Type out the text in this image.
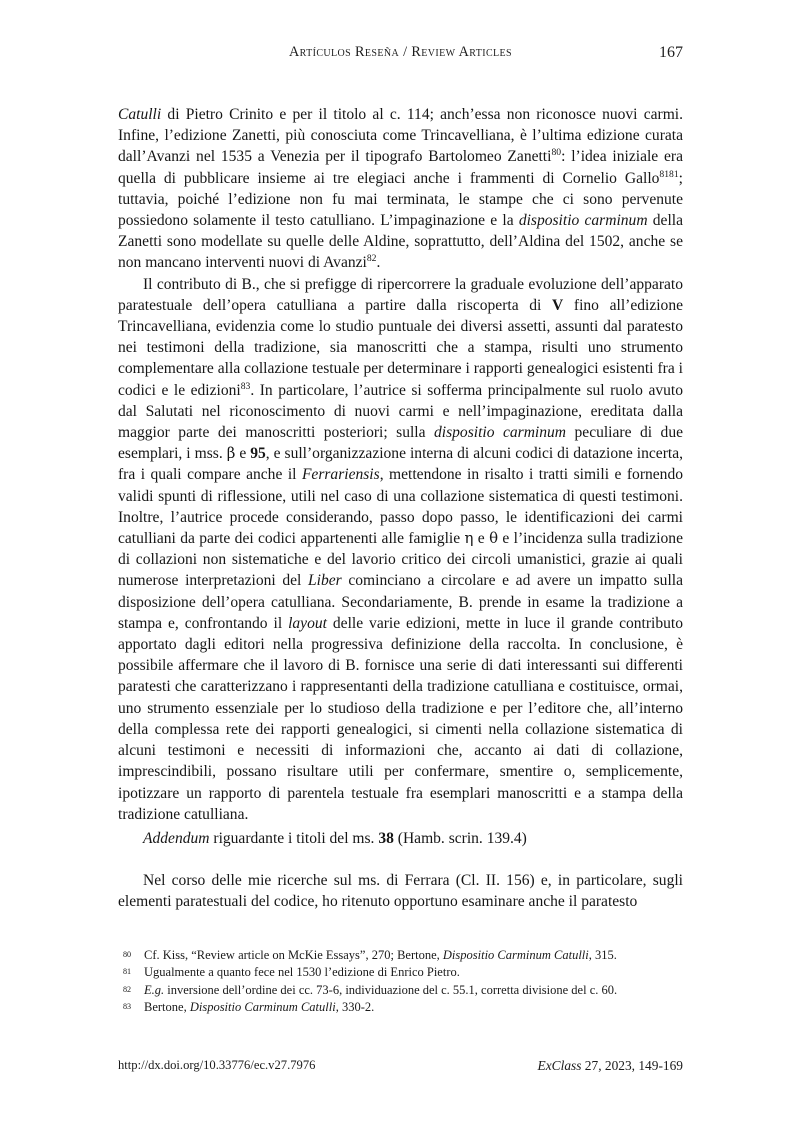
Artículos Reseña / Review Articles	167

Catulli di Pietro Crinito e per il titolo al c. 114; anch’essa non riconosce nuovi carmi. Infine, l’edizione Zanetti, più conosciuta come Trincavelliana, è l’ultima edizione curata dall’Avanzi nel 1535 a Venezia per il tipografo Bartolomeo Zanetti$^{80}$: l’idea iniziale era quella di pubblicare insieme ai tre elegiaci anche i frammenti di Cornelio Gallo$^{8181}$; tuttavia, poiché l’edizione non fu mai terminata, le stampe che ci sono pervenute possiedono solamente il testo catulliano. L’impaginazione e la dispositio carminum della Zanetti sono modellate su quelle delle Aldine, soprattutto, dell’Aldina del 1502, anche se non mancano interventi nuovi di Avanzi$^{82}$.

Il contributo di B., che si prefigge di ripercorrere la graduale evoluzione dell’apparato paratestuale dell’opera catulliana a partire dalla riscoperta di V fino all’edizione Trincavelliana, evidenzia come lo studio puntuale dei diversi assetti, assunti dal paratesto nei testimoni della tradizione, sia manoscritti che a stampa, risulti uno strumento complementare alla collazione testuale per determinare i rapporti genealogici esistenti fra i codici e le edizioni$^{83}$. In particolare, l’autrice si sofferma principalmente sul ruolo avuto dal Salutati nel riconoscimento di nuovi carmi e nell’impaginazione, ereditata dalla maggior parte dei manoscritti posteriori; sulla dispositio carminum peculiare di due esemplari, i mss. β e 95, e sull’organizzazione interna di alcuni codici di datazione incerta, fra i quali compare anche il Ferrariensis, mettendone in risalto i tratti simili e fornendo validi spunti di riflessione, utili nel caso di una collazione sistematica di questi testimoni. Inoltre, l’autrice procede considerando, passo dopo passo, le identificazioni dei carmi catulliani da parte dei codici appartenenti alle famiglie η e θ e l’incidenza sulla tradizione di collazioni non sistematiche e del lavorio critico dei circoli umanistici, grazie ai quali numerose interpretazioni del Liber cominciano a circolare e ad avere un impatto sulla disposizione dell’opera catulliana. Secondariamente, B. prende in esame la tradizione a stampa e, confrontando il layout delle varie edizioni, mette in luce il grande contributo apportato dagli editori nella progressiva definizione della raccolta. In conclusione, è possibile affermare che il lavoro di B. fornisce una serie di dati interessanti sui differenti paratesti che caratterizzano i rappresentanti della tradizione catulliana e costituisce, ormai, uno strumento essenziale per lo studioso della tradizione e per l’editore che, all’interno della complessa rete dei rapporti genealogici, si cimenti nella collazione sistematica di alcuni testimoni e necessiti di informazioni che, accanto ai dati di collazione, imprescindibili, possano risultare utili per confermare, smentire o, semplicemente, ipotizzare un rapporto di parentela testuale fra esemplari manoscritti e a stampa della tradizione catulliana.

Addendum riguardante i titoli del ms. 38 (Hamb. scrin. 139.4)

Nel corso delle mie ricerche sul ms. di Ferrara (Cl. II. 156) e, in particolare, sugli elementi paratestuali del codice, ho ritenuto opportuno esaminare anche il paratesto

80 Cf. Kiss, “Review article on McKie Essays”, 270; Bertone, Dispositio Carminum Catulli, 315.
81 Ugualmente a quanto fece nel 1530 l’edizione di Enrico Pietro.
82 E.g. inversione dell’ordine dei cc. 73-6, individuazione del c. 55.1, corretta divisione del c. 60.
83 Bertone, Dispositio Carminum Catulli, 330-2.
http://dx.doi.org/10.33776/ec.v27.7976	ExClass 27, 2023, 149-169
